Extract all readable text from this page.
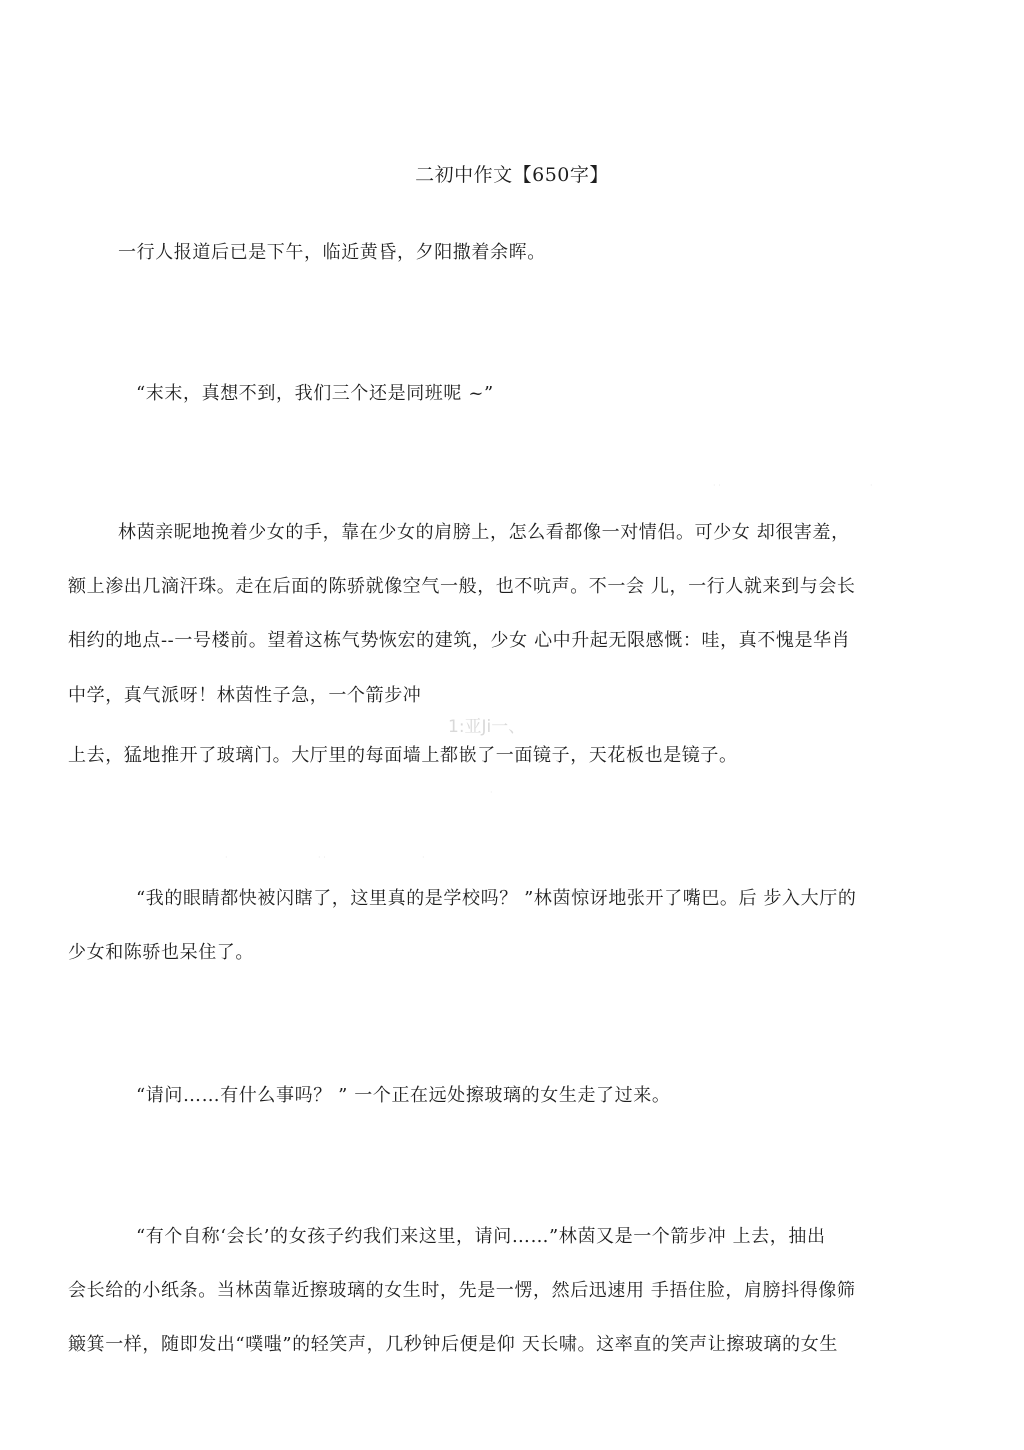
二初中作文【650字】
一行人报道后已是下午，临近黄昏，夕阳撒着余晖。
“末末，真想不到，我们三个还是同班呢 ~”
· ·	·
林茵亲昵地挽着少女的手，靠在少女的肩膀上，怎么看都像一对情侣。可少女 却很害羞，
额上渗出几滴汗珠。走在后面的陈骄就像空气一般，也不吭声。不一会 儿，一行人就来到与会长
相约的地点--一号楼前。望着这栋气势恢宏的建筑，少女 心中升起无限感慨：哇，真不愧是华肖
中学，真气派呀！林茵性子急，一个箭步冲
1:亚Ji一、
上去，猛地推开了玻璃门。大厅里的每面墙上都嵌了一面镜子，天花板也是镜子。
·
·	· ·	·
“我的眼睛都快被闪瞎了，这里真的是学校吗？ ”林茵惊讶地张开了嘴巴。后 步入大厅的
少女和陈骄也呆住了。
“请问……有什么事吗？ ” 一个正在远处擦玻璃的女生走了过来。
“有个自称‘会长’的女孩子约我们来这里，请问……”林茵又是一个箭步冲 上去，抽出
会长给的小纸条。当林茵靠近擦玻璃的女生时，先是一愣，然后迅速用 手捂住脸，肩膀抖得像筛
簸箕一样，随即发出“噗嗤”的轻笑声，几秒钟后便是仰 天长啸。这率直的笑声让擦玻璃的女生
